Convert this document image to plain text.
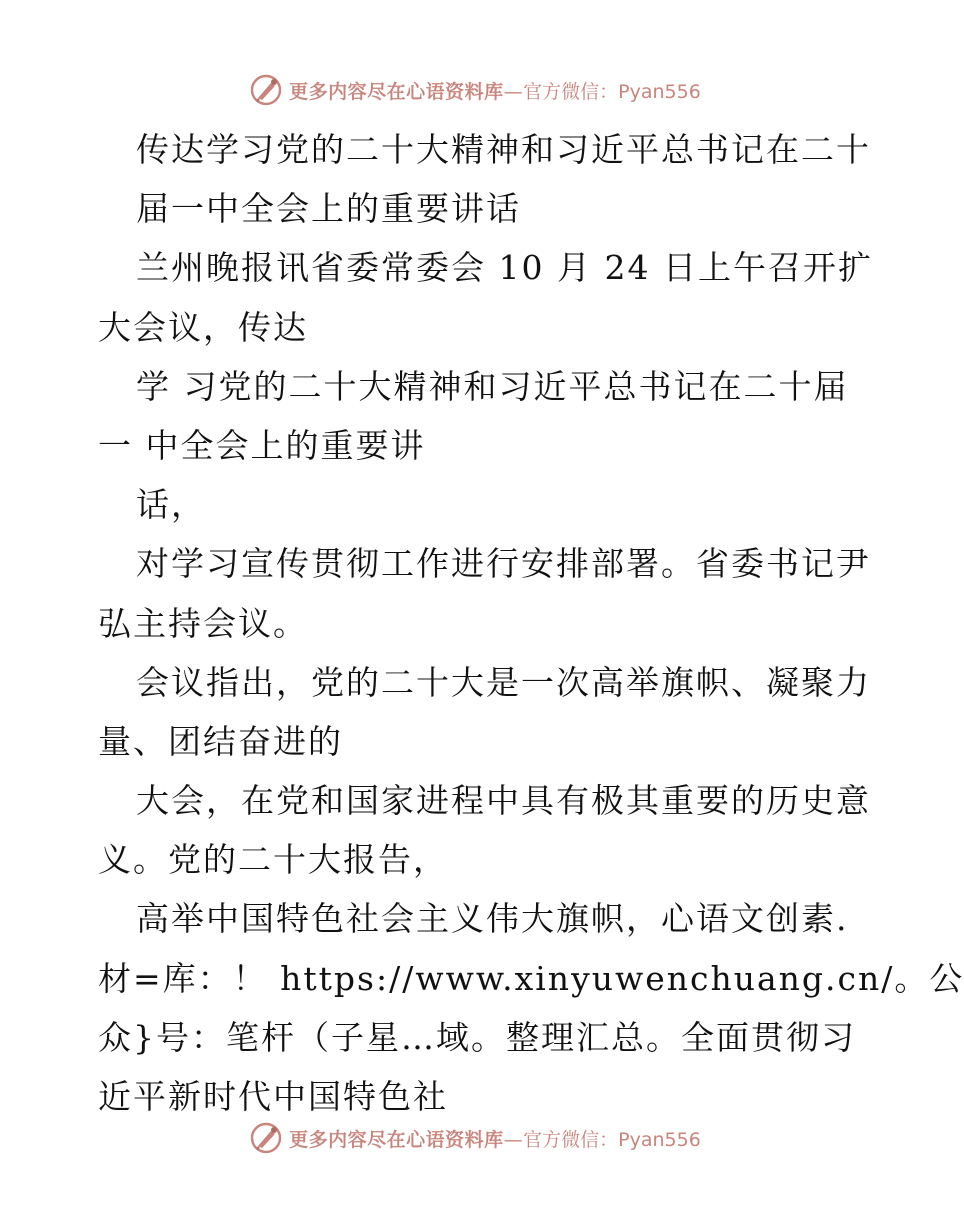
更多内容尽在心语资料库— 官方微信：Pyan556
传达学习党的二十大精神和习近平总书记在二十
届一中全会上的重要讲话
兰州晚报讯省委常委会 10 月 24 日上午召开扩
大会议，传达
学 习党的二十大精神和习近平总书记在二十届
一 中全会上的重要讲
话，
对学习宣传贯彻工作进行安排部署。省委书记尹
弘主持会议。
会议指出，党的二十大是一次高举旗帜、凝聚力
量、团结奋进的
大会，在党和国家进程中具有极其重要的历史意
义。党的二十大报告，
高举中国特色社会主义伟大旗帜，心语文创素.
材=库：！ https://www.xinyuwenchuang.cn/。公
众}号：笔杆（子星…域。整理汇总。全面贯彻习
近平新时代中国特色社
更多内容尽在心语资料库— 官方微信：Pyan556
